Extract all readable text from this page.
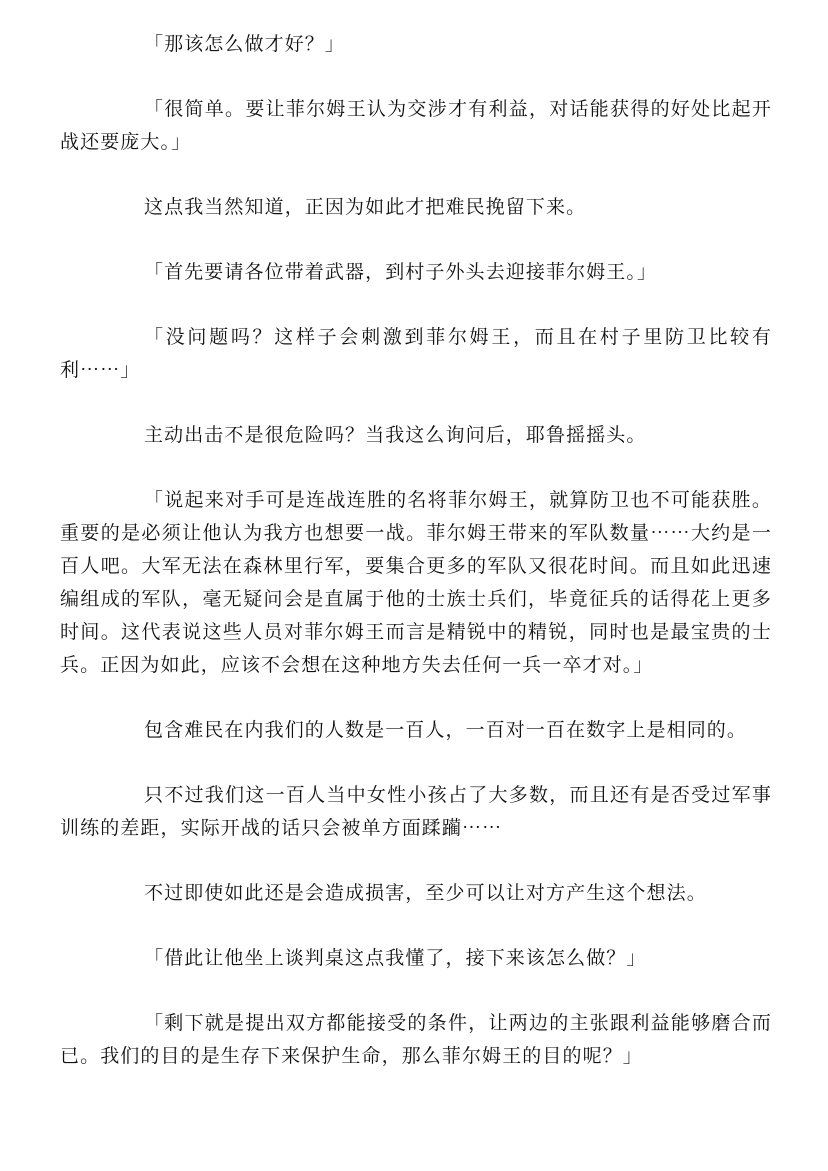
「那该怎么做才好？」

「很简单。要让菲尔姆王认为交涉才有利益，对话能获得的好处比起开战还要庞大。」

这点我当然知道，正因为如此才把难民挽留下来。

「首先要请各位带着武器，到村子外头去迎接菲尔姆王。」

「没问题吗？这样子会刺激到菲尔姆王，而且在村子里防卫比较有利⋯⋯」

主动出击不是很危险吗？当我这么询问后，耶鲁摇摇头。

「说起来对手可是连战连胜的名将菲尔姆王，就算防卫也不可能获胜。重要的是必须让他认为我方也想要一战。菲尔姆王带来的军队数量⋯⋯大约是一百人吧。大军无法在森林里行军，要集合更多的军队又很花时间。而且如此迅速编组成的军队，毫无疑问会是直属于他的士族士兵们，毕竟征兵的话得花上更多时间。这代表说这些人员对菲尔姆王而言是精锐中的精锐，同时也是最宝贵的士兵。正因为如此，应该不会想在这种地方失去任何一兵一卒才对。」

包含难民在内我们的人数是一百人，一百对一百在数字上是相同的。

只不过我们这一百人当中女性小孩占了大多数，而且还有是否受过军事训练的差距，实际开战的话只会被单方面蹂躏⋯⋯

不过即使如此还是会造成损害，至少可以让对方产生这个想法。

「借此让他坐上谈判桌这点我懂了，接下来该怎么做？」

「剩下就是提出双方都能接受的条件，让两边的主张跟利益能够磨合而已。我们的目的是生存下来保护生命，那么菲尔姆王的目的呢？」
